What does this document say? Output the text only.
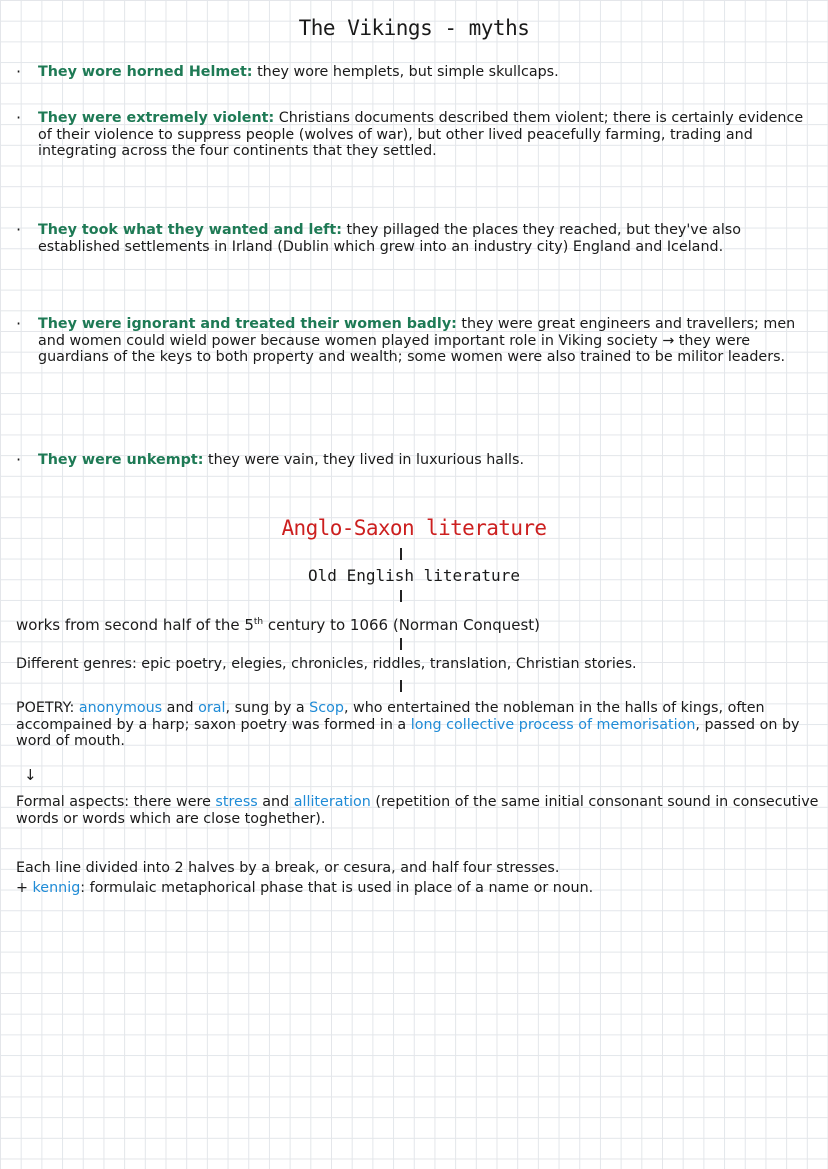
The Vikings - myths
· They wore horned Helmet: they wore hemplets, but simple skullcaps.
· They were extremely violent: Christians documents described them violent; there is certainly evidence of their violence to suppress people (wolves of war), but other lived peacefully farming, trading and integrating across the four continents that they settled.
· They took what they wanted and left: they pillaged the places they reached, but they've also established settlements in Irland (Dublin which grew into an industry city) England and Iceland.
· They were ignorant and treated their women badly: they were great engineers and travellers; men and women could wield power because women played important role in Viking society → they were guardians of the keys to both property and wealth; some women were also trained to be militor leaders.
· They were unkempt: they were vain, they lived in luxurious halls.
Anglo-Saxon literature
Old English literature
works from second half of the 5th century to 1066 (Norman Conquest)
Different genres: epic poetry, elegies, chronicles, riddles, translation, Christian stories.
POETRY: anonymous and oral, sung by a Scop, who entertained the nobleman in the halls of kings, often accompained by a harp; saxon poetry was formed in a long collective process of memorisation, passed on by word of mouth.
↓
Formal aspects: there were stress and alliteration (repetition of the same initial consonant sound in consecutive words or words which are close toghether).
Each line divided into 2 halves by a break, or cesura, and half four stresses.
+ kennig: formulaic metaphorical phase that is used in place of a name or noun.
